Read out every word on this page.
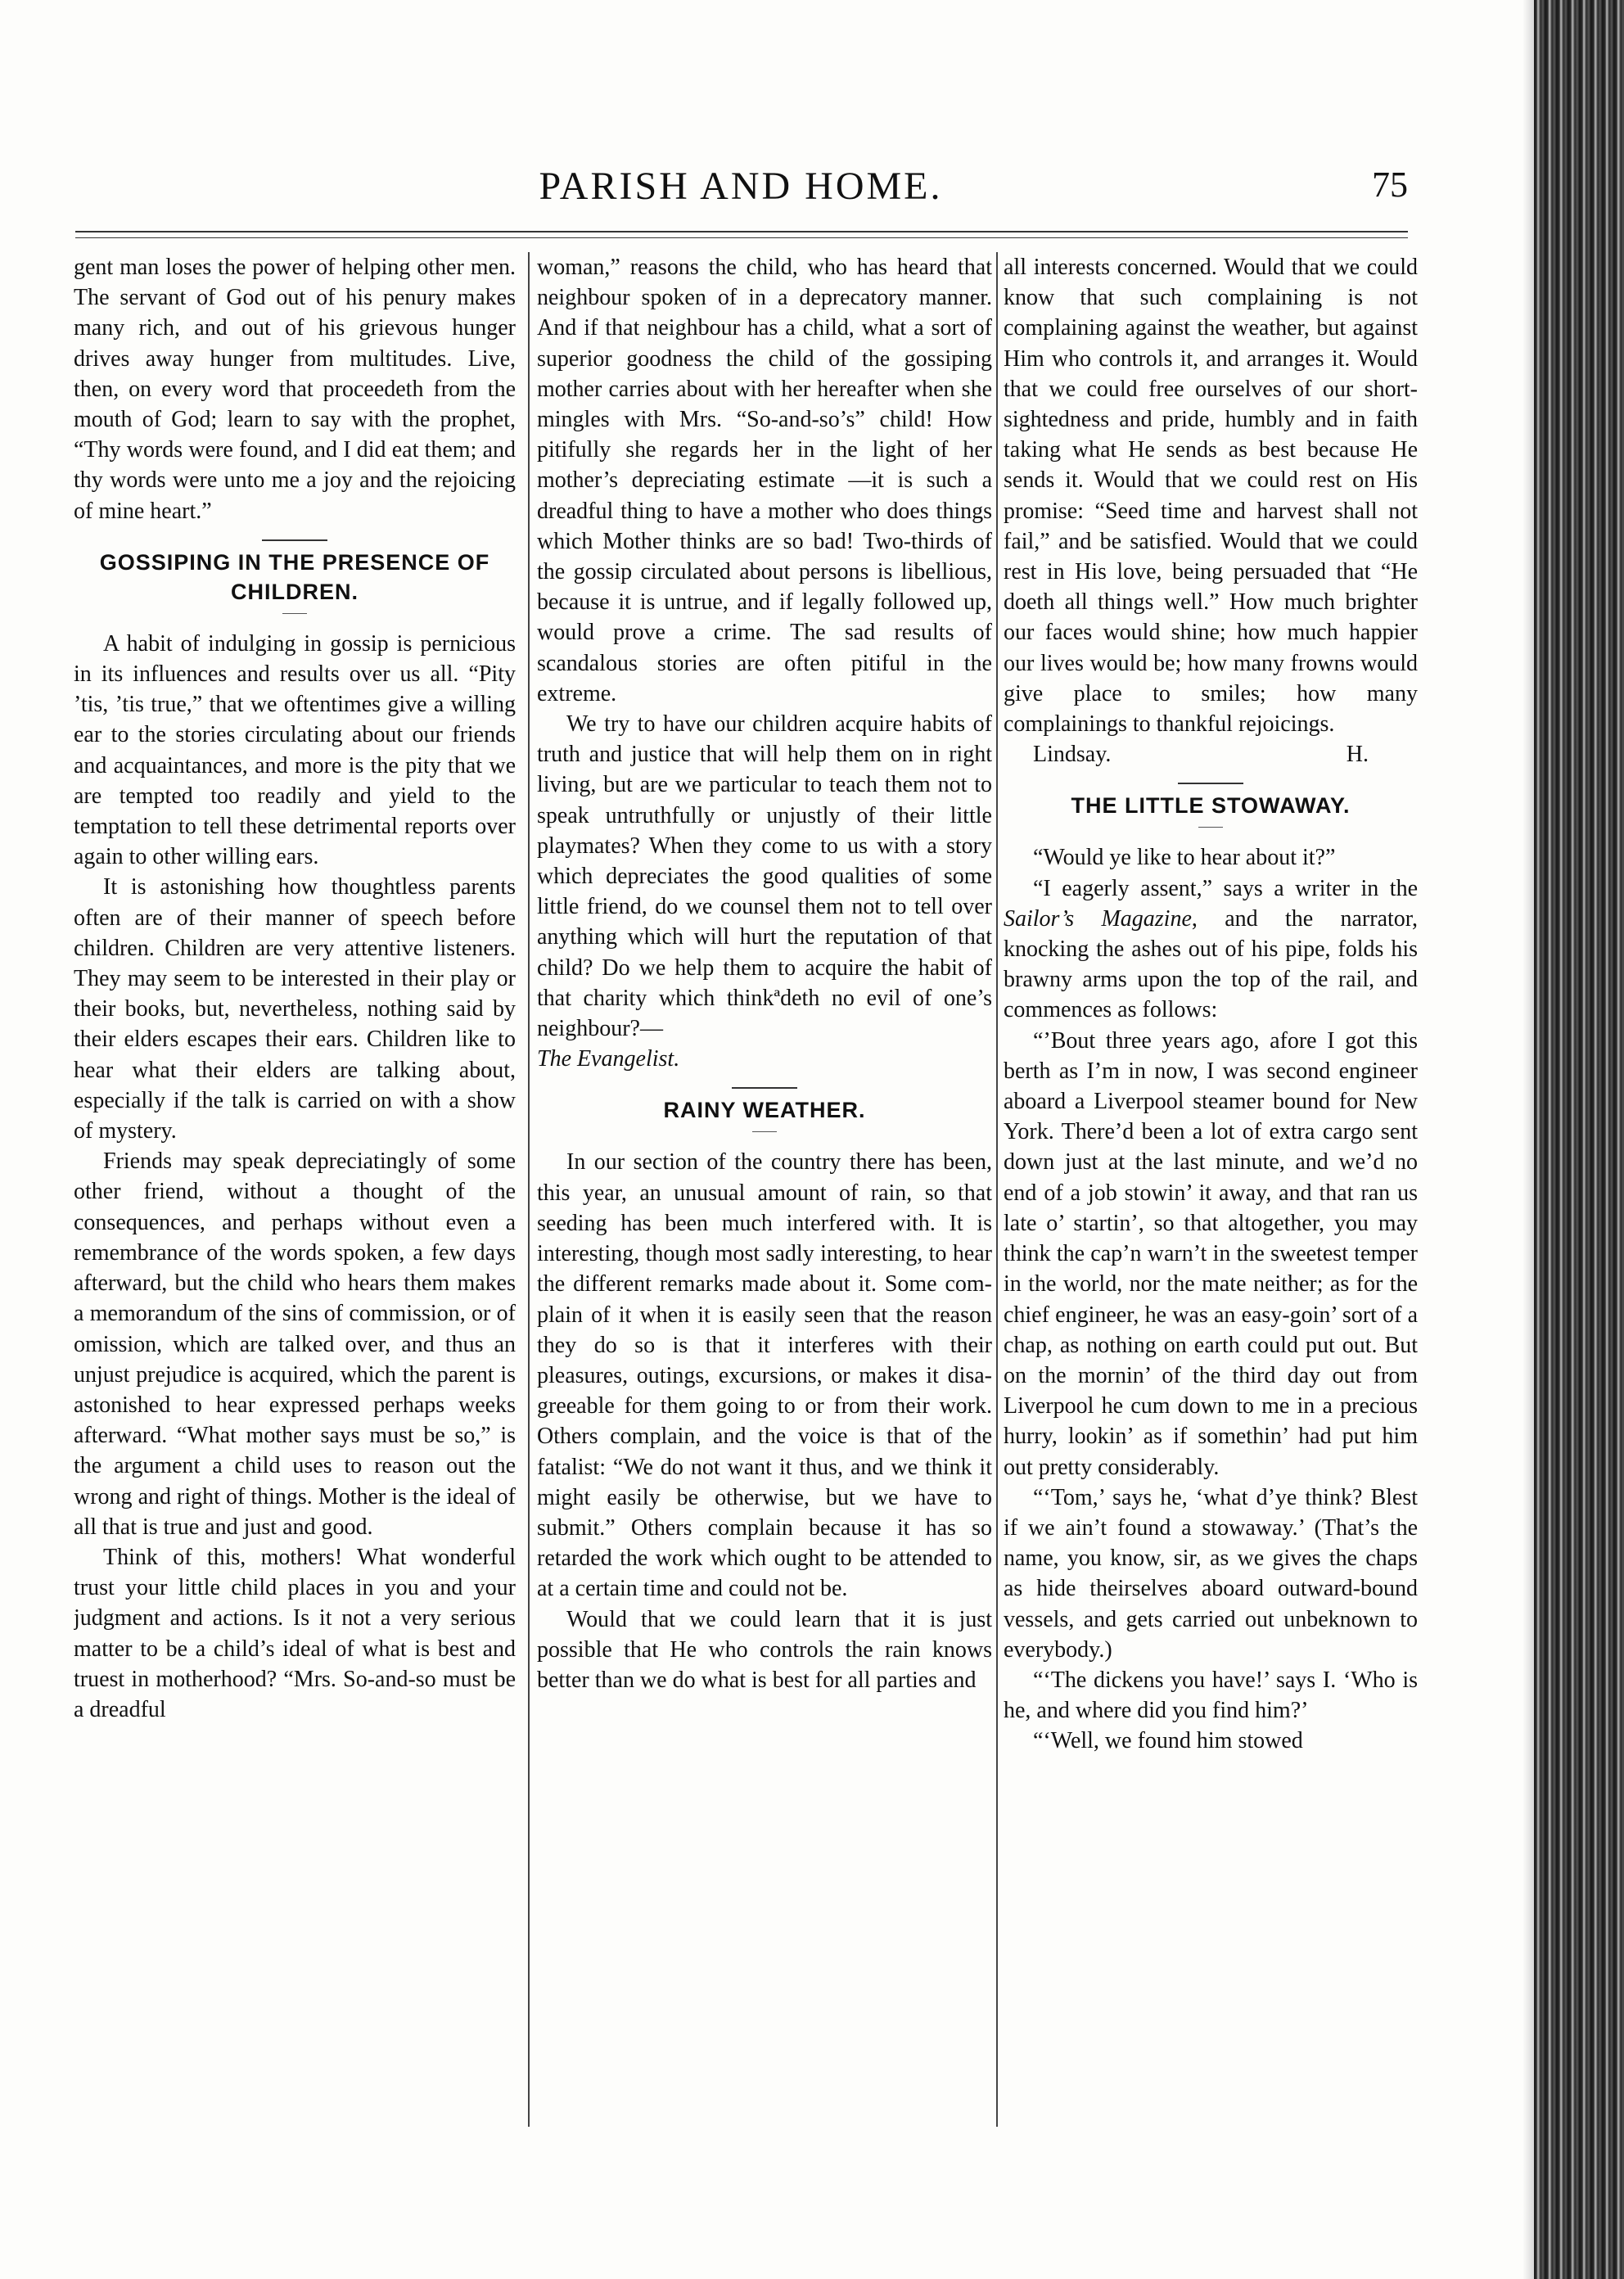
PARISH AND HOME.	75

gent man loses the power of helping other men. The servant of God out of his penury makes many rich, and out of his grievous hunger drives away hunger from multitudes. Live, then, on every word that proceedeth from the mouth of God; learn to say with the prophet, “Thy words were found, and I did eat them; and thy words were unto me a joy and the rejoicing of mine heart.”

GOSSIPING IN THE PRESENCE OF CHILDREN.

A habit of indulging in gossip is pernicious in its influences and results over us all. “Pity ’tis, ’tis true,” that we oftentimes give a willing ear to the stories circulating about our friends and acquaintances, and more is the pity that we are tempted too readily and yield to the temptation to tell these detrimental reports over again to other willing ears.

It is astonishing how thoughtless parents often are of their manner of speech before children. Children are very attentive listeners. They may seem to be interested in their play or their books, but, nevertheless, nothing said by their elders escapes their ears. Children like to hear what their elders are talking about, especially if the talk is carried on with a show of mystery.

Friends may speak depreciatingly of some other friend, without a thought of the consequences, and perhaps without even a remembrance of the words spoken, a few days afterward, but the child who hears them makes a memorandum of the sins of commission, or of omission, which are talked over, and thus an unjust prejudice is acquired, which the parent is astonished to hear expressed perhaps weeks afterward. “What mother says must be so,” is the argument a child uses to reason out the wrong and right of things. Mother is the ideal of all that is true and just and good.

Think of this, mothers! What wonderful trust your little child places in you and your judgment and actions. Is it not a very serious matter to be a child’s ideal of what is best and truest in motherhood? “Mrs. So-and-so must be a dreadful

woman,” reasons the child, who has heard that neighbour spoken of in a deprecatory manner. And if that neighbour has a child, what a sort of superior goodness the child of the gossiping mother carries about with her hereafter when she mingles with Mrs. “So-and-so’s” child! How pitifully she regards her in the light of her mother’s depreciating estimate —it is such a dreadful thing to have a mother who does things which Mother thinks are so bad! Two-thirds of the gossip circulated about persons is libellious, because it is untrue, and if legally followed up, would prove a crime. The sad results of scandalous stories are often pitiful in the extreme.

We try to have our children acquire habits of truth and justice that will help them on in right living, but are we particular to teach them not to speak untruthfully or unjustly of their little playmates? When they come to us with a story which depreciates the good qualities of some little friend, do we counsel them not to tell over anything which will hurt the reputation of that child? Do we help them to acquire the habit of that charity which thinkªdeth no evil of one’s neighbour?—

The Evangelist.

RAINY WEATHER.

In our section of the country there has been, this year, an unusual amount of rain, so that seeding has been much interfered with. It is interesting, though most sadly interesting, to hear the different remarks made about it. Some complain of it when it is easily seen that the reason they do so is that it interferes with their pleasures, outings, excursions, or makes it disagreeable for them going to or from their work. Others complain, and the voice is that of the fatalist: “We do not want it thus, and we think it might easily be otherwise, but we have to submit.” Others complain because it has so retarded the work which ought to be attended to at a certain time and could not be.

Would that we could learn that it is just possible that He who controls the rain knows better than we do what is best for all parties and

all interests concerned. Would that we could know that such complaining is not complaining against the weather, but against Him who controls it, and arranges it. Would that we could free ourselves of our short-sightedness and pride, humbly and in faith taking what He sends as best because He sends it. Would that we could rest on His promise: “Seed time and harvest shall not fail,” and be satisfied. Would that we could rest in His love, being persuaded that “He doeth all things well.” How much brighter our faces would shine; how much happier our lives would be; how many frowns would give place to smiles; how many complainings to thankful rejoicings.

Lindsay.	H.
THE LITTLE STOWAWAY.

“Would ye like to hear about it?”

“I eagerly assent,” says a writer in the Sailor’s Magazine, and the narrator, knocking the ashes out of his pipe, folds his brawny arms upon the top of the rail, and commences as follows:

“’Bout three years ago, afore I got this berth as I’m in now, I was second engineer aboard a Liverpool steamer bound for New York. There’d been a lot of extra cargo sent down just at the last minute, and we’d no end of a job stowin’ it away, and that ran us late o’ startin’, so that altogether, you may think the cap’n warn’t in the sweetest temper in the world, nor the mate neither; as for the chief engineer, he was an easy-goin’ sort of a chap, as nothing on earth could put out. But on the mornin’ of the third day out from Liverpool he cum down to me in a precious hurry, lookin’ as if somethin’ had put him out pretty considerably.

“‘Tom,’ says he, ‘what d’ye think? Blest if we ain’t found a stowaway.’ (That’s the name, you know, sir, as we gives the chaps as hide theirselves aboard outward-bound vessels, and gets carried out unbeknown to everybody.)

“‘The dickens you have!’ says I. ‘Who is he, and where did you find him?’

“‘Well, we found him stowed
